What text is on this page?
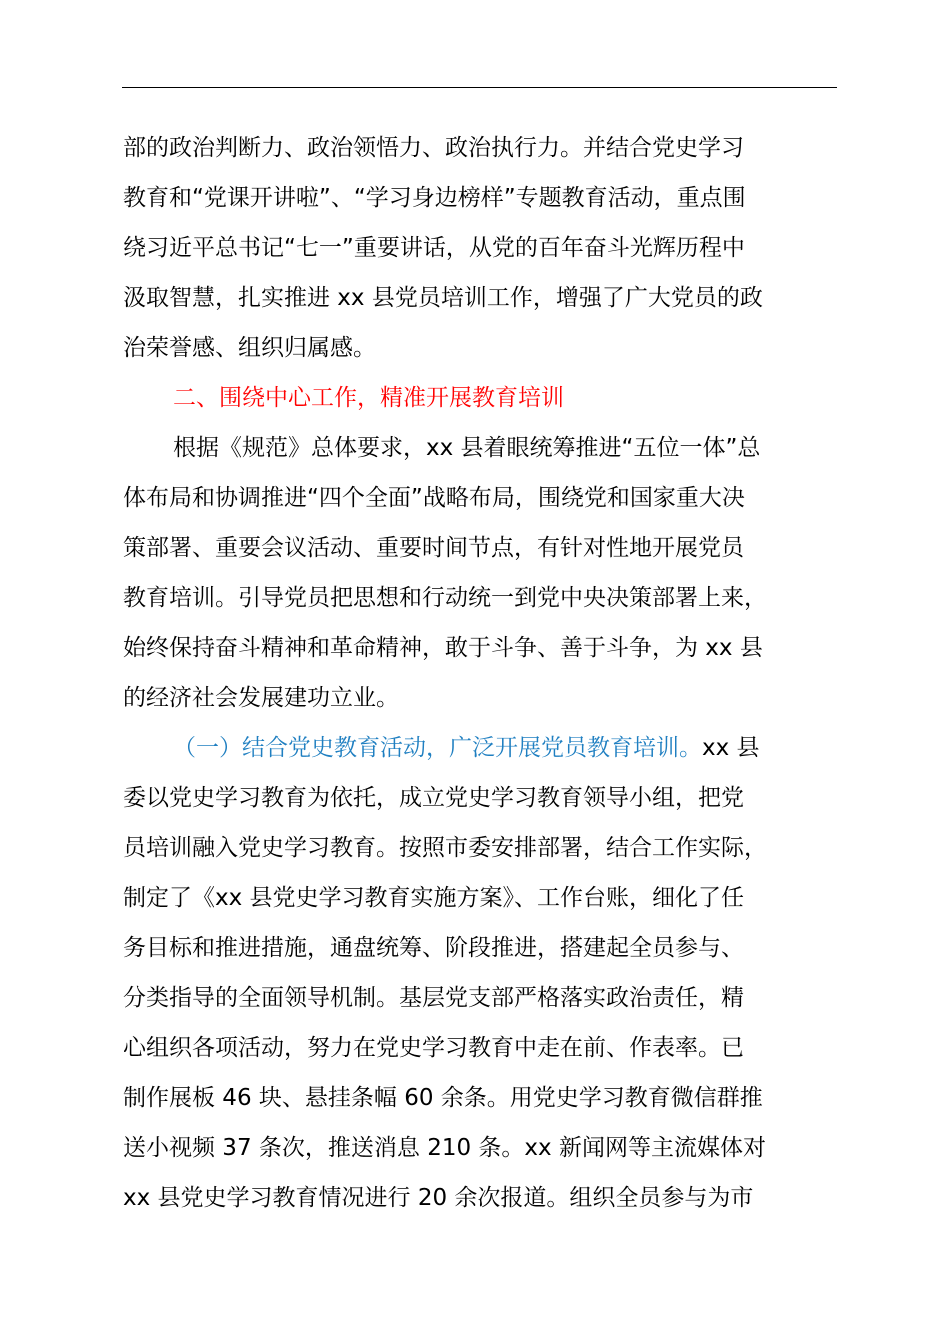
部的政治判断力、政治领悟力、政治执行力。并结合党史学习
教育和“党课开讲啦”、“学习身边榜样”专题教育活动，重点围
绕习近平总书记“七一”重要讲话，从党的百年奋斗光辉历程中
汲取智慧，扎实推进 xx 县党员培训工作，增强了广大党员的政
治荣誉感、组织归属感。
二、围绕中心工作，精准开展教育培训
根据《规范》总体要求，xx 县着眼统筹推进“五位一体”总
体布局和协调推进“四个全面”战略布局，围绕党和国家重大决
策部署、重要会议活动、重要时间节点，有针对性地开展党员
教育培训。引导党员把思想和行动统一到党中央决策部署上来，
始终保持奋斗精神和革命精神，敢于斗争、善于斗争，为 xx 县
的经济社会发展建功立业。
（一）结合党史教育活动，广泛开展党员教育培训。xx 县
委以党史学习教育为依托，成立党史学习教育领导小组，把党
员培训融入党史学习教育。按照市委安排部署，结合工作实际，
制定了《xx 县党史学习教育实施方案》、工作台账，细化了任
务目标和推进措施，通盘统筹、阶段推进，搭建起全员参与、
分类指导的全面领导机制。基层党支部严格落实政治责任，精
心组织各项活动，努力在党史学习教育中走在前、作表率。已
制作展板 46 块、悬挂条幅 60 余条。用党史学习教育微信群推
送小视频 37 条次，推送消息 210 条。xx 新闻网等主流媒体对
xx 县党史学习教育情况进行 20 余次报道。组织全员参与为市
